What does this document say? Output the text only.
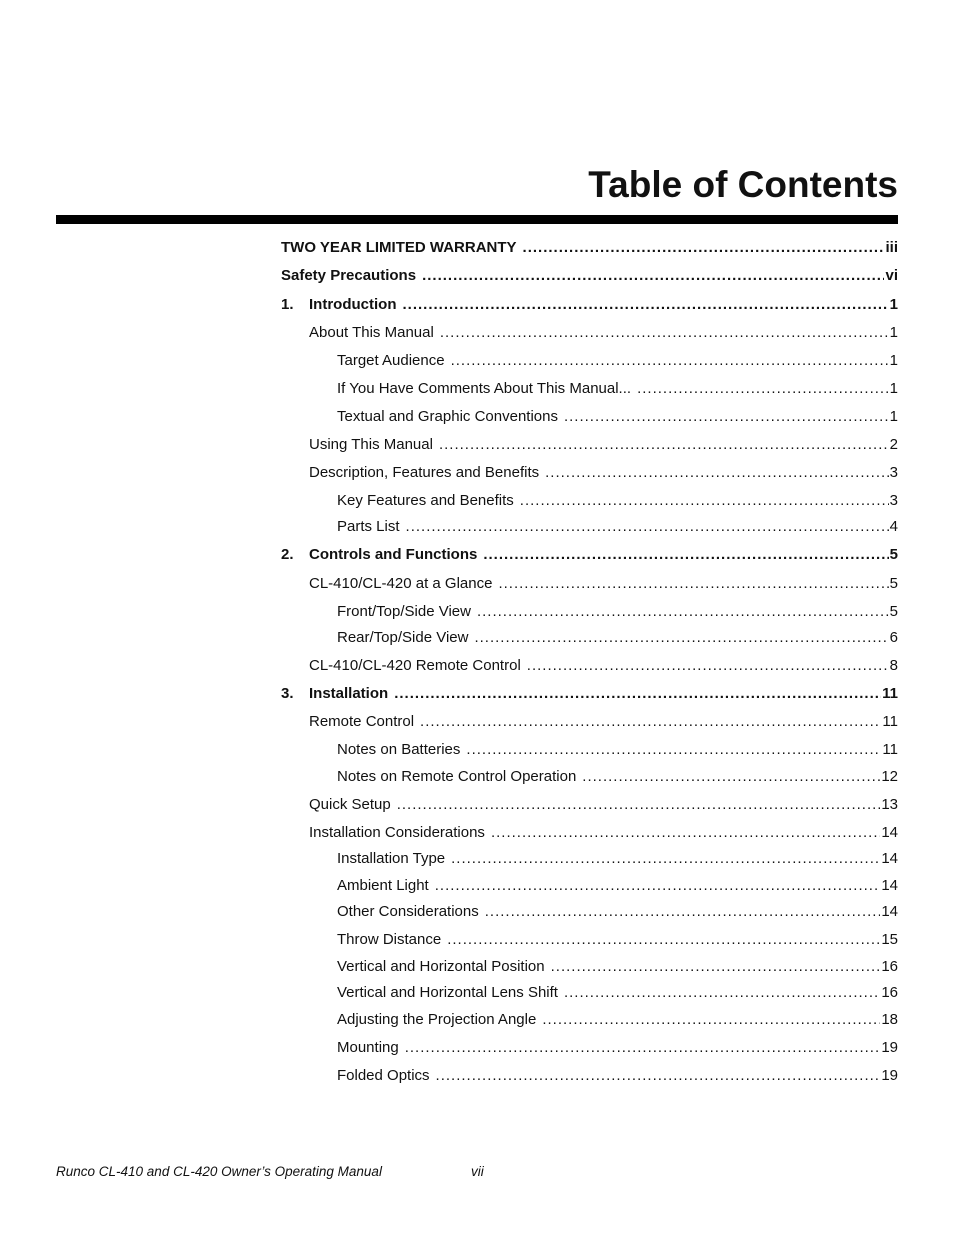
Table of Contents
TWO YEAR LIMITED WARRANTY .....	iii
Safety Precautions .....	vi
1.	Introduction .....	1
About This Manual .....	1
Target Audience .....	1
If You Have Comments About This Manual... .....	1
Textual and Graphic Conventions .....	1
Using This Manual .....	2
Description, Features and Benefits .....	3
Key Features and Benefits .....	3
Parts List .....	4
2.	Controls and Functions .....	5
CL-410/CL-420 at a Glance .....	5
Front/Top/Side View .....	5
Rear/Top/Side View .....	6
CL-410/CL-420 Remote Control .....	8
3.	Installation .....	11
Remote Control .....	11
Notes on Batteries .....	11
Notes on Remote Control Operation .....	12
Quick Setup .....	13
Installation Considerations .....	14
Installation Type .....	14
Ambient Light .....	14
Other Considerations .....	14
Throw Distance .....	15
Vertical and Horizontal Position .....	16
Vertical and Horizontal Lens Shift .....	16
Adjusting the Projection Angle .....	18
Mounting .....	19
Folded Optics .....	19

Runco CL-410 and CL-420 Owner’s Operating Manual	vii
